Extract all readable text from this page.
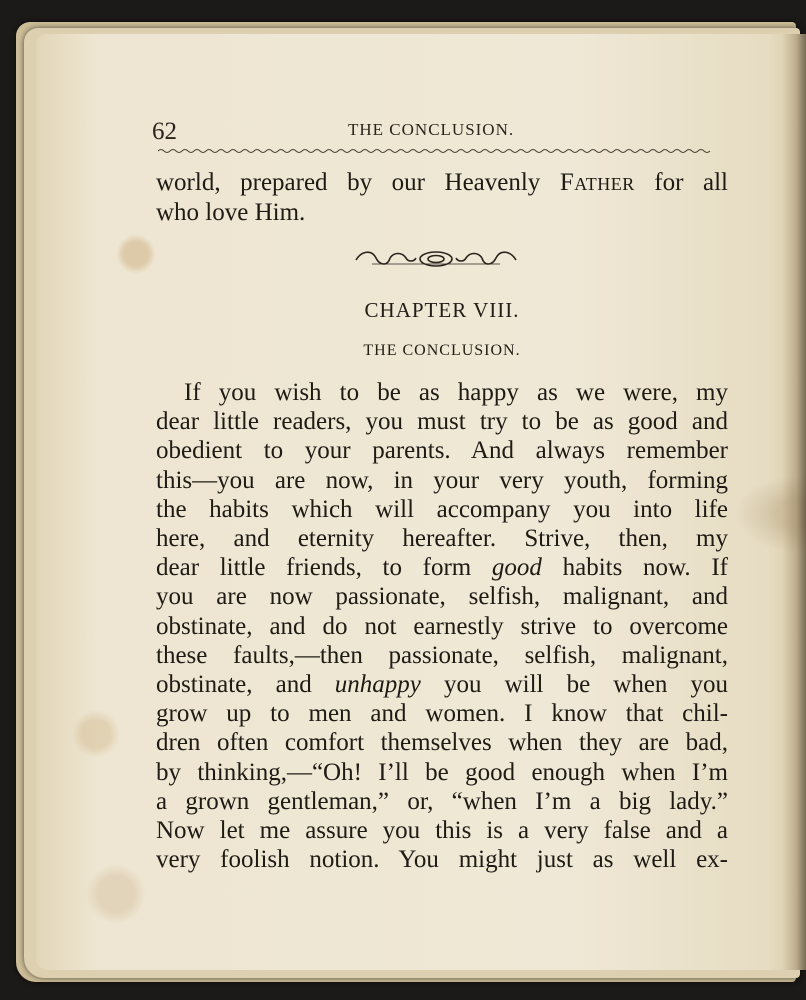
62	THE CONCLUSION.
world, prepared by our Heavenly Father for all
who love Him.
CHAPTER VIII.
THE CONCLUSION.
If you wish to be as happy as we were, my
dear little readers, you must try to be as good and
obedient to your parents. And always remember
this—you are now, in your very youth, forming
the habits which will accompany you into life
here, and eternity hereafter. Strive, then, my
dear little friends, to form good habits now. If
you are now passionate, selfish, malignant, and
obstinate, and do not earnestly strive to overcome
these faults,—then passionate, selfish, malignant,
obstinate, and unhappy you will be when you
grow up to men and women. I know that chil-
dren often comfort themselves when they are bad,
by thinking,—“Oh! I’ll be good enough when I’m
a grown gentleman,” or, “when I’m a big lady.”
Now let me assure you this is a very false and a
very foolish notion. You might just as well ex-
